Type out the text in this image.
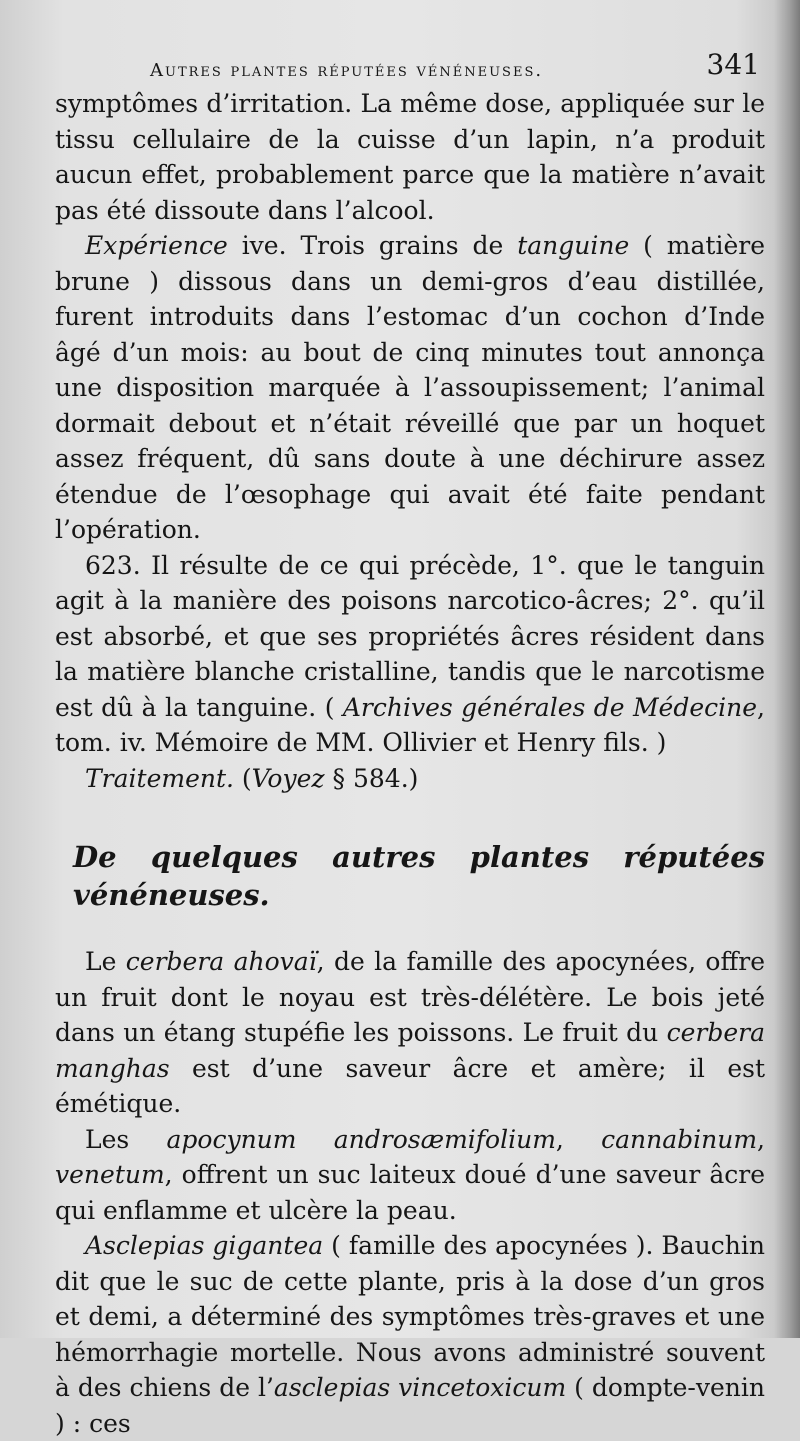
Autres plantes réputées vénéneuses.	341

symptômes d’irritation. La même dose, appliquée sur le tissu cellulaire de la cuisse d’un lapin, n’a produit aucun effet, probablement parce que la matière n’avait pas été dissoute dans l’alcool.

Expérience ive. Trois grains de tanguine ( matière brune ) dissous dans un demi-gros d’eau distillée, furent introduits dans l’estomac d’un cochon d’Inde âgé d’un mois: au bout de cinq minutes tout annonça une disposition marquée à l’assoupissement; l’animal dormait debout et n’était réveillé que par un hoquet assez fréquent, dû sans doute à une déchirure assez étendue de l’œsophage qui avait été faite pendant l’opération.

623. Il résulte de ce qui précède, 1°. que le tanguin agit à la manière des poisons narcotico-âcres; 2°. qu’il est absorbé, et que ses propriétés âcres résident dans la matière blanche cristalline, tandis que le narcotisme est dû à la tanguine. ( Archives générales de Médecine, tom. iv. Mémoire de MM. Ollivier et Henry fils. )

Traitement. (Voyez § 584.)

De quelques autres plantes réputées vénéneuses.

Le cerbera ahovaï, de la famille des apocynées, offre un fruit dont le noyau est très-délétère. Le bois jeté dans un étang stupéfie les poissons. Le fruit du cerbera manghas est d’une saveur âcre et amère; il est émétique.

Les apocynum androsæmifolium, cannabinum, venetum, offrent un suc laiteux doué d’une saveur âcre qui enflamme et ulcère la peau.

Asclepias gigantea ( famille des apocynées ). Bauchin dit que le suc de cette plante, pris à la dose d’un gros et demi, a déterminé des symptômes très-graves et une hémorrhagie mortelle. Nous avons administré souvent à des chiens de l’asclepias vincetoxicum ( dompte-venin ) : ces
